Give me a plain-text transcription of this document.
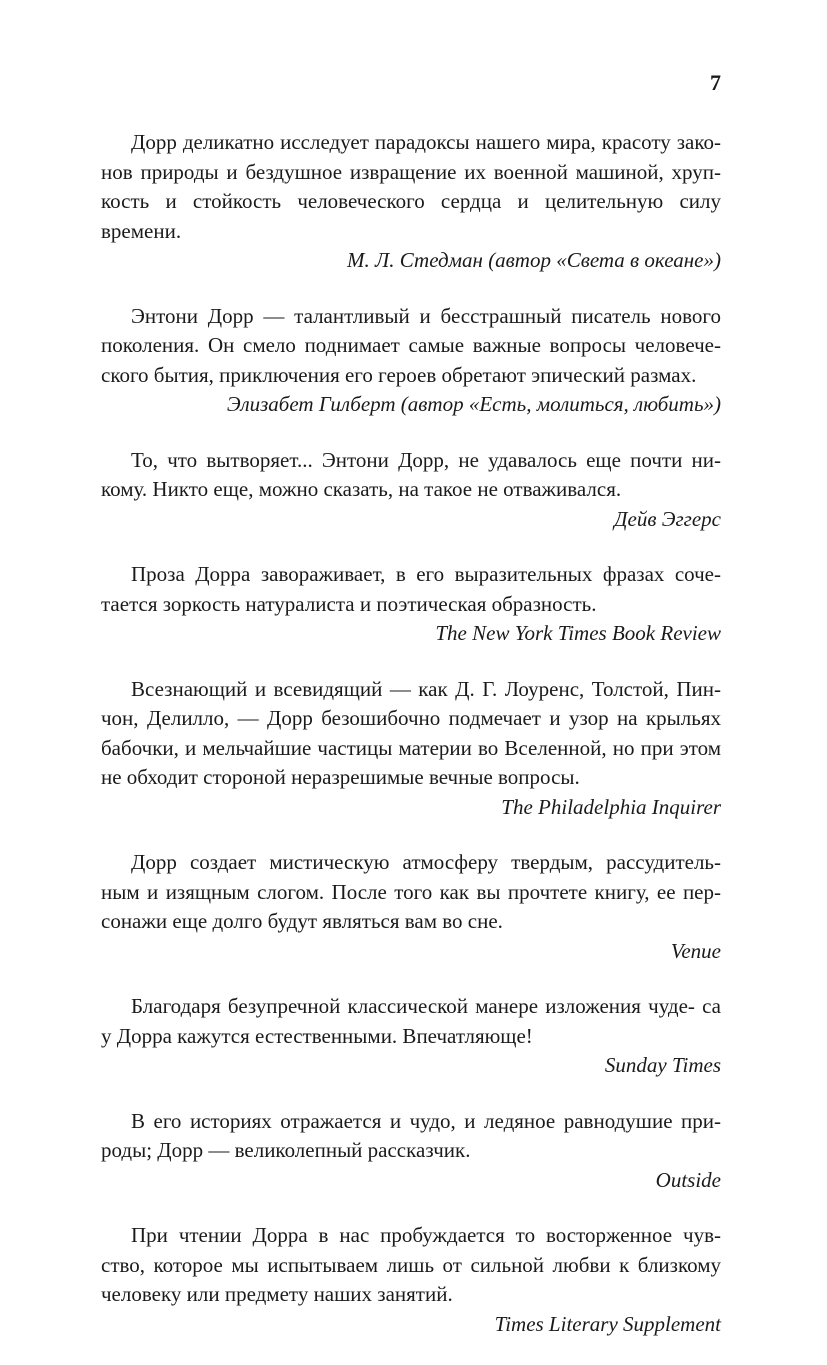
7

Дорр деликатно исследует парадоксы нашего мира, красоту зако- нов природы и бездушное извращение их военной машиной, хруп- кость и стойкость человеческого сердца и целительную силу времени.

М. Л. Стедман (автор «Света в океане»)

Энтони Дорр — талантливый и бесстрашный писатель нового поколения. Он смело поднимает самые важные вопросы человече- ского бытия, приключения его героев обретают эпический размах.

Элизабет Гилберт (автор «Есть, молиться, любить»)

То, что вытворяет... Энтони Дорр, не удавалось еще почти ни- кому. Никто еще, можно сказать, на такое не отваживался.

Дейв Эггерс

Проза Дорра завораживает, в его выразительных фразах соче- тается зоркость натуралиста и поэтическая образность.

The New York Times Book Review

Всезнающий и всевидящий — как Д. Г. Лоуренс, Толстой, Пин- чон, Делилло, — Дорр безошибочно подмечает и узор на крыльях бабочки, и мельчайшие частицы материи во Вселенной, но при этом не обходит стороной неразрешимые вечные вопросы.

The Philadelphia Inquirer

Дорр создает мистическую атмосферу твердым, рассудитель- ным и изящным слогом. После того как вы прочтете книгу, ее пер- сонажи еще долго будут являться вам во сне.

Venue

Благодаря безупречной классической манере изложения чуде- са у Дорра кажутся естественными. Впечатляюще!

Sunday Times

В его историях отражается и чудо, и ледяное равнодушие при- роды; Дорр — великолепный рассказчик.

Outside

При чтении Дорра в нас пробуждается то восторженное чув- ство, которое мы испытываем лишь от сильной любви к близкому человеку или предмету наших занятий.

Times Literary Supplement
